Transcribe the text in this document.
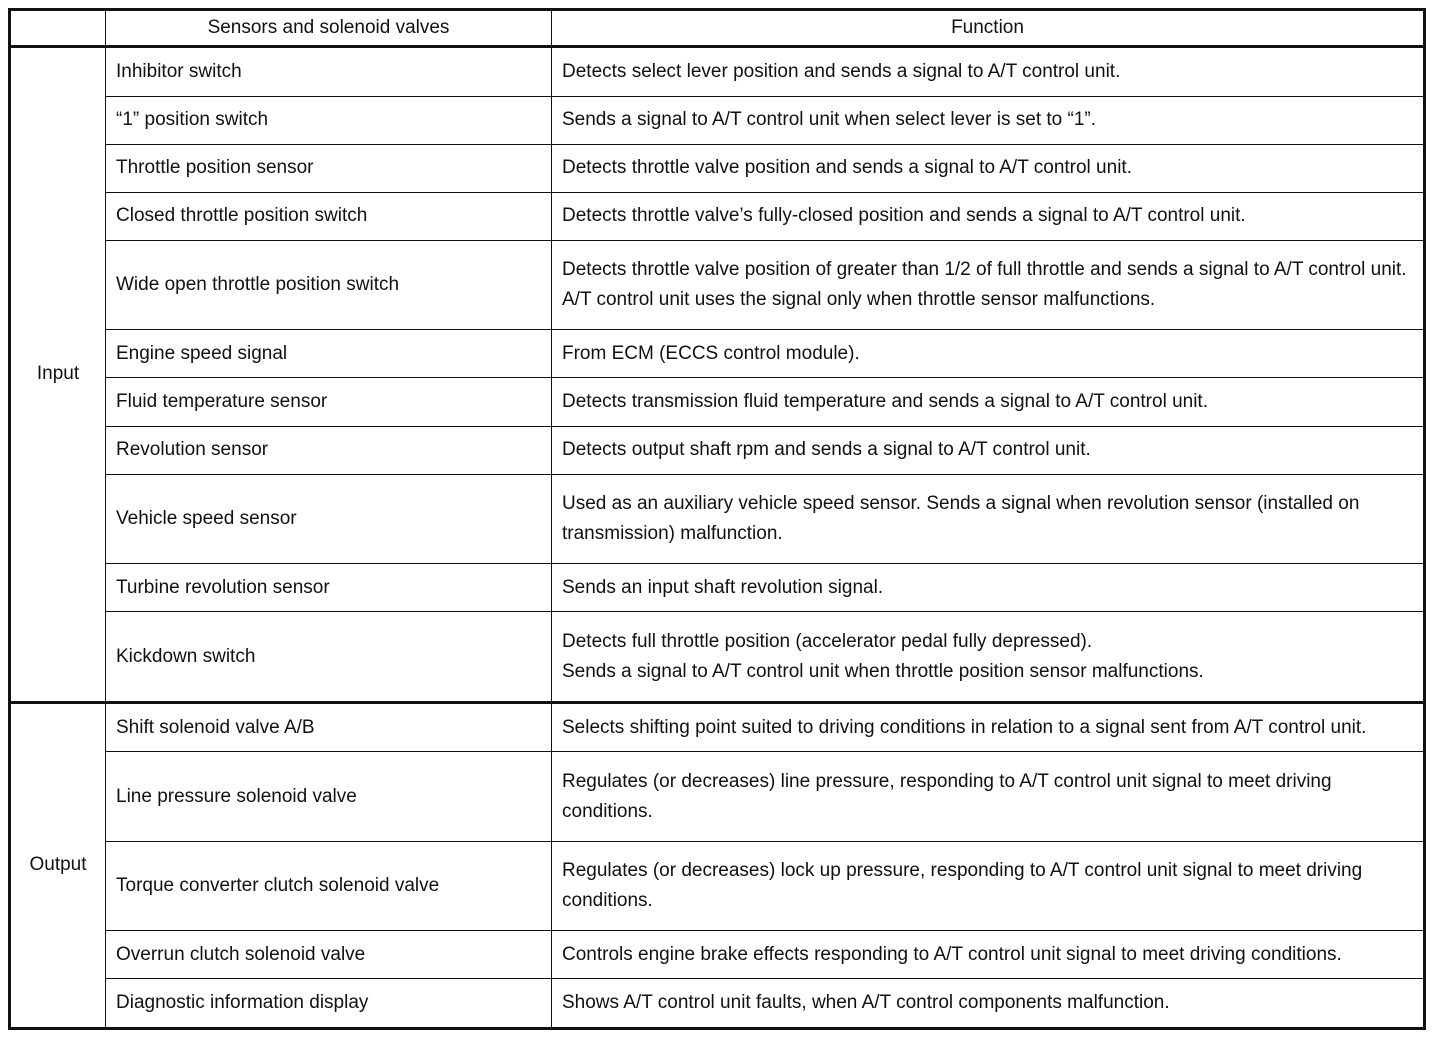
	Sensors and solenoid valves	Function
Input	Inhibitor switch	Detects select lever position and sends a signal to A/T control unit.

	“1” position switch	Sends a signal to A/T control unit when select lever is set to “1”.

	Throttle position sensor	Detects throttle valve position and sends a signal to A/T control unit.

	Closed throttle position switch	Detects throttle valve’s fully-closed position and sends a signal to A/T control unit.

	Wide open throttle position switch	Detects throttle valve position of greater than 1/2 of full throttle and sends a signal to A/T control unit. A/T control unit uses the signal only when throttle sensor malfunctions.

	Engine speed signal	From ECM (ECCS control module).

	Fluid temperature sensor	Detects transmission fluid temperature and sends a signal to A/T control unit.

	Revolution sensor	Detects output shaft rpm and sends a signal to A/T control unit.

	Vehicle speed sensor	Used as an auxiliary vehicle speed sensor. Sends a signal when revolution sensor (installed on transmission) malfunction.

	Turbine revolution sensor	Sends an input shaft revolution signal.

	Kickdown switch	Detects full throttle position (accelerator pedal fully depressed).
Sends a signal to A/T control unit when throttle position sensor malfunctions.

Output	Shift solenoid valve A/B	Selects shifting point suited to driving conditions in relation to a signal sent from A/T control unit.

	Line pressure solenoid valve	Regulates (or decreases) line pressure, responding to A/T control unit signal to meet driving conditions.

	Torque converter clutch solenoid valve	Regulates (or decreases) lock up pressure, responding to A/T control unit signal to meet driving conditions.

	Overrun clutch solenoid valve	Controls engine brake effects responding to A/T control unit signal to meet driving conditions.

	Diagnostic information display	Shows A/T control unit faults, when A/T control components malfunction.
